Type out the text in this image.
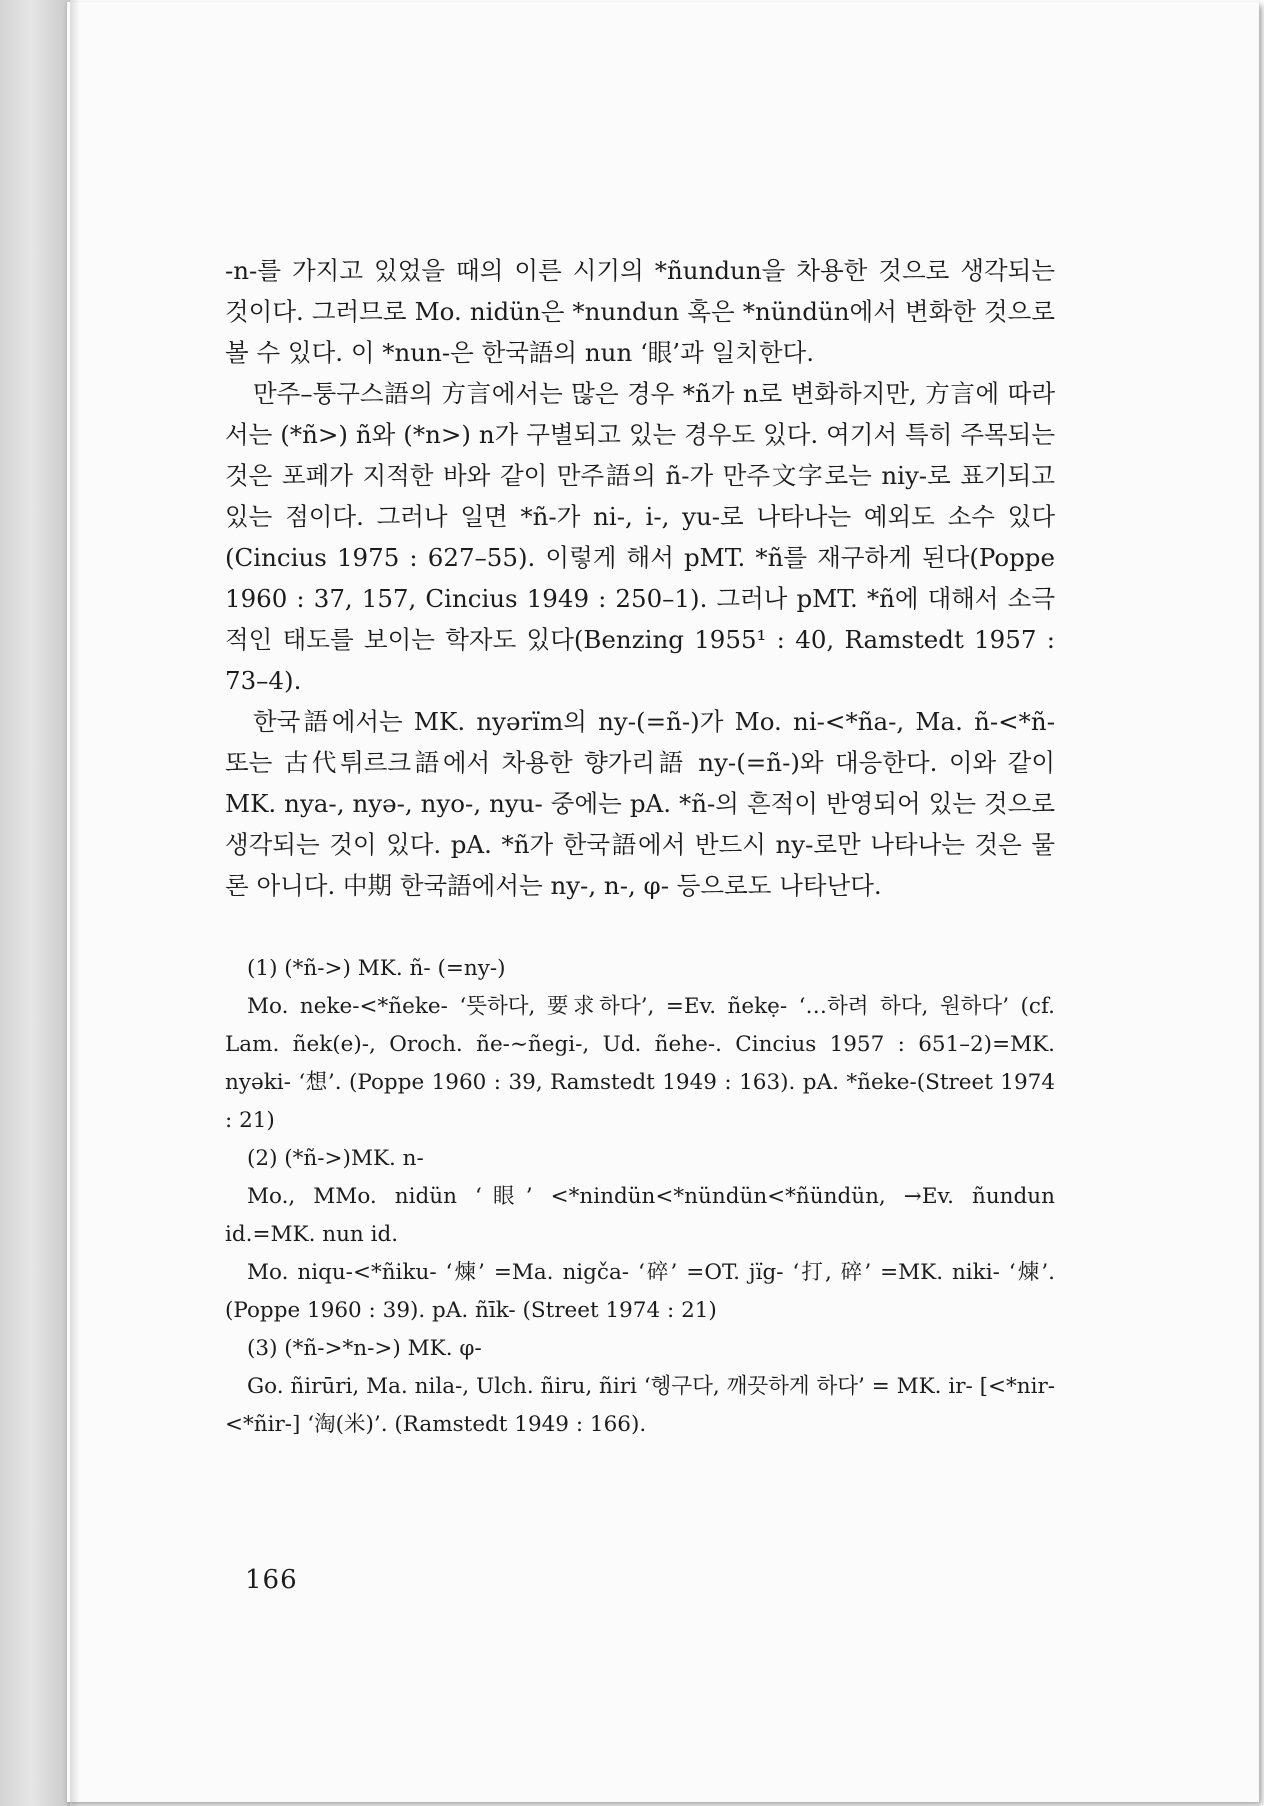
-n-를 가지고 있었을 때의 이른 시기의 *ñundun을 차용한 것으로 생각되는 것이다. 그러므로 Mo. nidün은 *nundun 혹은 *nündün에서 변화한 것으로 볼 수 있다. 이 *nun-은 한국語의 nun ‘眼’과 일치한다.

만주–퉁구스語의 方言에서는 많은 경우 *ñ가 n로 변화하지만, 方言에 따라서는 (*ñ>) ñ와 (*n>) n가 구별되고 있는 경우도 있다. 여기서 특히 주목되는 것은 포페가 지적한 바와 같이 만주語의 ñ-가 만주文字로는 niy-로 표기되고 있는 점이다. 그러나 일면 *ñ-가 ni-, i-, yu-로 나타나는 예외도 소수 있다(Cincius 1975 : 627–55). 이렇게 해서 pMT. *ñ를 재구하게 된다(Poppe 1960 : 37, 157, Cincius 1949 : 250–1). 그러나 pMT. *ñ에 대해서 소극적인 태도를 보이는 학자도 있다(Benzing 1955¹ : 40, Ramstedt 1957 : 73–4).

한국語에서는 MK. nyərïm의 ny-(=ñ-)가 Mo. ni-<*ña-, Ma. ñ-<*ñ- 또는 古代튀르크語에서 차용한 향가리語 ny-(=ñ-)와 대응한다. 이와 같이 MK. nya-, nyə-, nyo-, nyu- 중에는 pA. *ñ-의 흔적이 반영되어 있는 것으로 생각되는 것이 있다. pA. *ñ가 한국語에서 반드시 ny-로만 나타나는 것은 물론 아니다. 中期 한국語에서는 ny-, n-, φ- 등으로도 나타난다.

(1) (*ñ->) MK. ñ- (=ny-)

Mo. neke-<*ñeke- ‘뜻하다, 要求하다’, =Ev. ñekẹ- ‘…하려 하다, 원하다’ (cf. Lam. ñek(e)-, Oroch. ñe-∼ñegi-, Ud. ñehe-. Cincius 1957 : 651–2)=MK. nyəki- ‘想’. (Poppe 1960 : 39, Ramstedt 1949 : 163). pA. *ñeke-(Street 1974 : 21)

(2) (*ñ->)MK. n-

Mo., MMo. nidün ‘眼’ <*nindün<*nündün<*ñündün, →Ev. ñundun id.=MK. nun id.

Mo. niqu-<*ñiku- ‘煉’ =Ma. nigča- ‘碎’ =OT. jïg- ‘打, 碎’ =MK. niki- ‘煉’. (Poppe 1960 : 39). pA. ñīk- (Street 1974 : 21)

(3) (*ñ->*n->) MK. φ-

Go. ñirūri, Ma. nila-, Ulch. ñiru, ñiri ‘헹구다, 깨끗하게 하다’ = MK. ir- [<*nir-<*ñir-] ‘淘(米)’. (Ramstedt 1949 : 166).

166
